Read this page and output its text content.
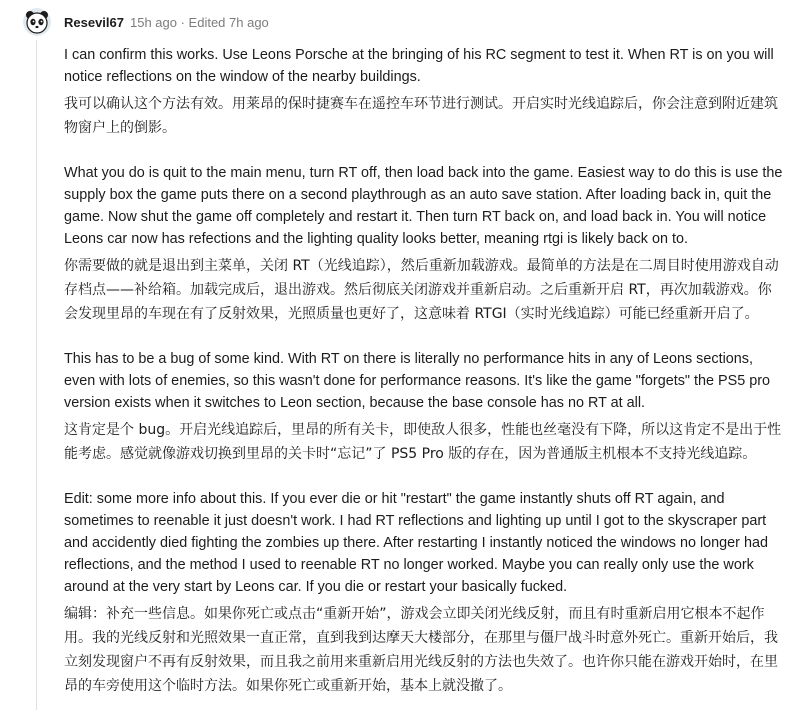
Resevil67 15h ago · Edited 7h ago

I can confirm this works. Use Leons Porsche at the bringing of his RC segment to test it. When RT is on you will notice reflections on the window of the nearby buildings.

我可以确认这个方法有效。用莱昂的保时捷赛车在遥控车环节进行测试。开启实时光线追踪后，你会注意到附近建筑物窗户上的倒影。

What you do is quit to the main menu, turn RT off, then load back into the game. Easiest way to do this is use the supply box the game puts there on a second playthrough as an auto save station. After loading back in, quit the game. Now shut the game off completely and restart it. Then turn RT back on, and load back in. You will notice Leons car now has refections and the lighting quality looks better, meaning rtgi is likely back on to.

你需要做的就是退出到主菜单，关闭 RT（光线追踪），然后重新加载游戏。最简单的方法是在二周目时使用游戏自动存档点——补给箱。加载完成后，退出游戏。然后彻底关闭游戏并重新启动。之后重新开启 RT，再次加载游戏。你会发现里昂的车现在有了反射效果，光照质量也更好了，这意味着 RTGI（实时光线追踪）可能已经重新开启了。

This has to be a bug of some kind. With RT on there is literally no performance hits in any of Leons sections, even with lots of enemies, so this wasn't done for performance reasons. It's like the game "forgets" the PS5 pro version exists when it switches to Leon section, because the base console has no RT at all.

这肯定是个 bug。开启光线追踪后，里昂的所有关卡，即使敌人很多，性能也丝毫没有下降，所以这肯定不是出于性能考虑。感觉就像游戏切换到里昂的关卡时“忘记”了 PS5 Pro 版的存在，因为普通版主机根本不支持光线追踪。

Edit: some more info about this. If you ever die or hit "restart" the game instantly shuts off RT again, and sometimes to reenable it just doesn't work. I had RT reflections and lighting up until I got to the skyscraper part and accidently died fighting the zombies up there. After restarting I instantly noticed the windows no longer had reflections, and the method I used to reenable RT no longer worked. Maybe you can really only use the work around at the very start by Leons car. If you die or restart your basically fucked.

编辑：补充一些信息。如果你死亡或点击“重新开始”，游戏会立即关闭光线反射，而且有时重新启用它根本不起作用。我的光线反射和光照效果一直正常，直到我到达摩天大楼部分，在那里与僵尸战斗时意外死亡。重新开始后，我立刻发现窗户不再有反射效果，而且我之前用来重新启用光线反射的方法也失效了。也许你只能在游戏开始时，在里昂的车旁使用这个临时方法。如果你死亡或重新开始，基本上就没撤了。
